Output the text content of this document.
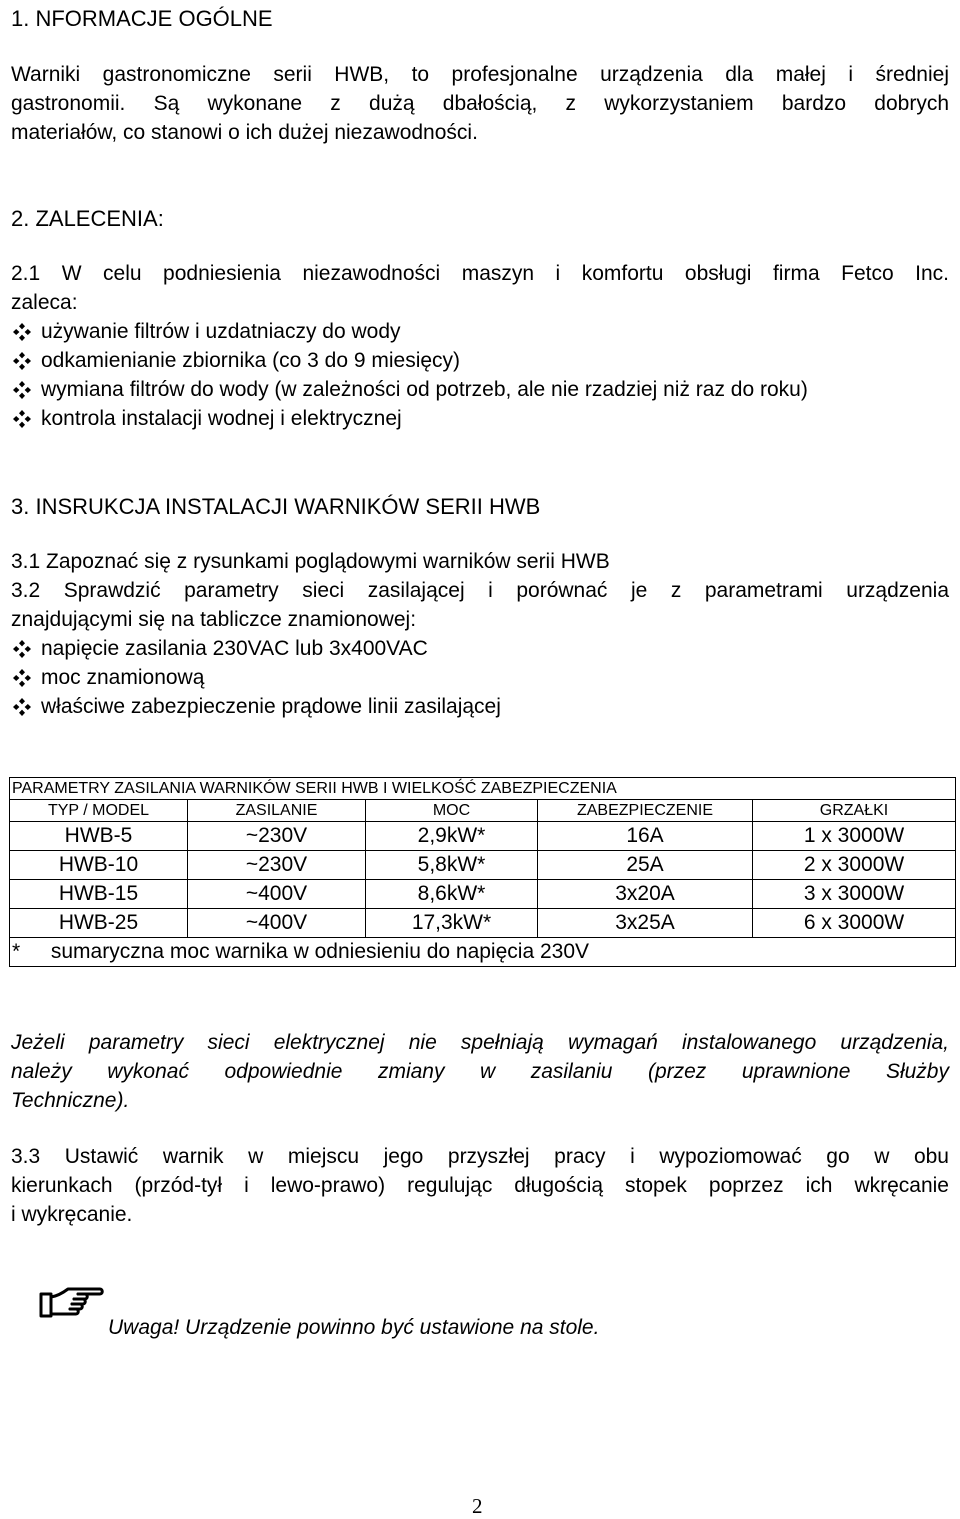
1. NFORMACJE OGÓLNE
Warniki gastronomiczne serii HWB, to profesjonalne urządzenia dla małej i średniej
gastronomii. Są wykonane z dużą dbałością, z wykorzystaniem bardzo dobrych
materiałów, co stanowi o ich dużej niezawodności.
2. ZALECENIA:
2.1 W celu podniesienia niezawodności maszyn i komfortu obsługi firma Fetco Inc.
zaleca:
używanie filtrów i uzdatniaczy do wody
odkamienianie zbiornika (co 3 do 9 miesięcy)
wymiana filtrów do wody (w zależności od potrzeb, ale nie rzadziej niż raz do roku)
kontrola instalacji wodnej i elektrycznej
3. INSRUKCJA INSTALACJI WARNIKÓW SERII HWB
3.1 Zapoznać się z rysunkami poglądowymi warników serii HWB
3.2 Sprawdzić parametry sieci zasilającej i porównać je z parametrami urządzenia
znajdującymi się na tabliczce znamionowej:
napięcie zasilania 230VAC lub 3x400VAC
moc znamionową
właściwe zabezpieczenie prądowe linii zasilającej
PARAMETRY ZASILANIA WARNIKÓW SERII HWB I WIELKOŚĆ ZABEZPIECZENIA				
TYP / MODEL	ZASILANIE	MOC	ZABEZPIECZENIE	GRZAŁKI
HWB-5	~230V	2,9kW*	16A	1 x 3000W
HWB-10	~230V	5,8kW*	25A	2 x 3000W
HWB-15	~400V	8,6kW*	3x20A	3 x 3000W
HWB-25	~400V	17,3kW*	3x25A	6 x 3000W
* sumaryczna moc warnika w odniesieniu do napięcia 230V				
Jeżeli parametry sieci elektrycznej nie spełniają wymagań instalowanego urządzenia,
należy wykonać odpowiednie zmiany w zasilaniu (przez uprawnione Służby
Techniczne).
3.3 Ustawić warnik w miejscu jego przyszłej pracy i wypoziomować go w obu
kierunkach (przód-tył i lewo-prawo) regulując długością stopek poprzez ich wkręcanie
i wykręcanie.
Uwaga! Urządzenie powinno być ustawione na stole.
2
